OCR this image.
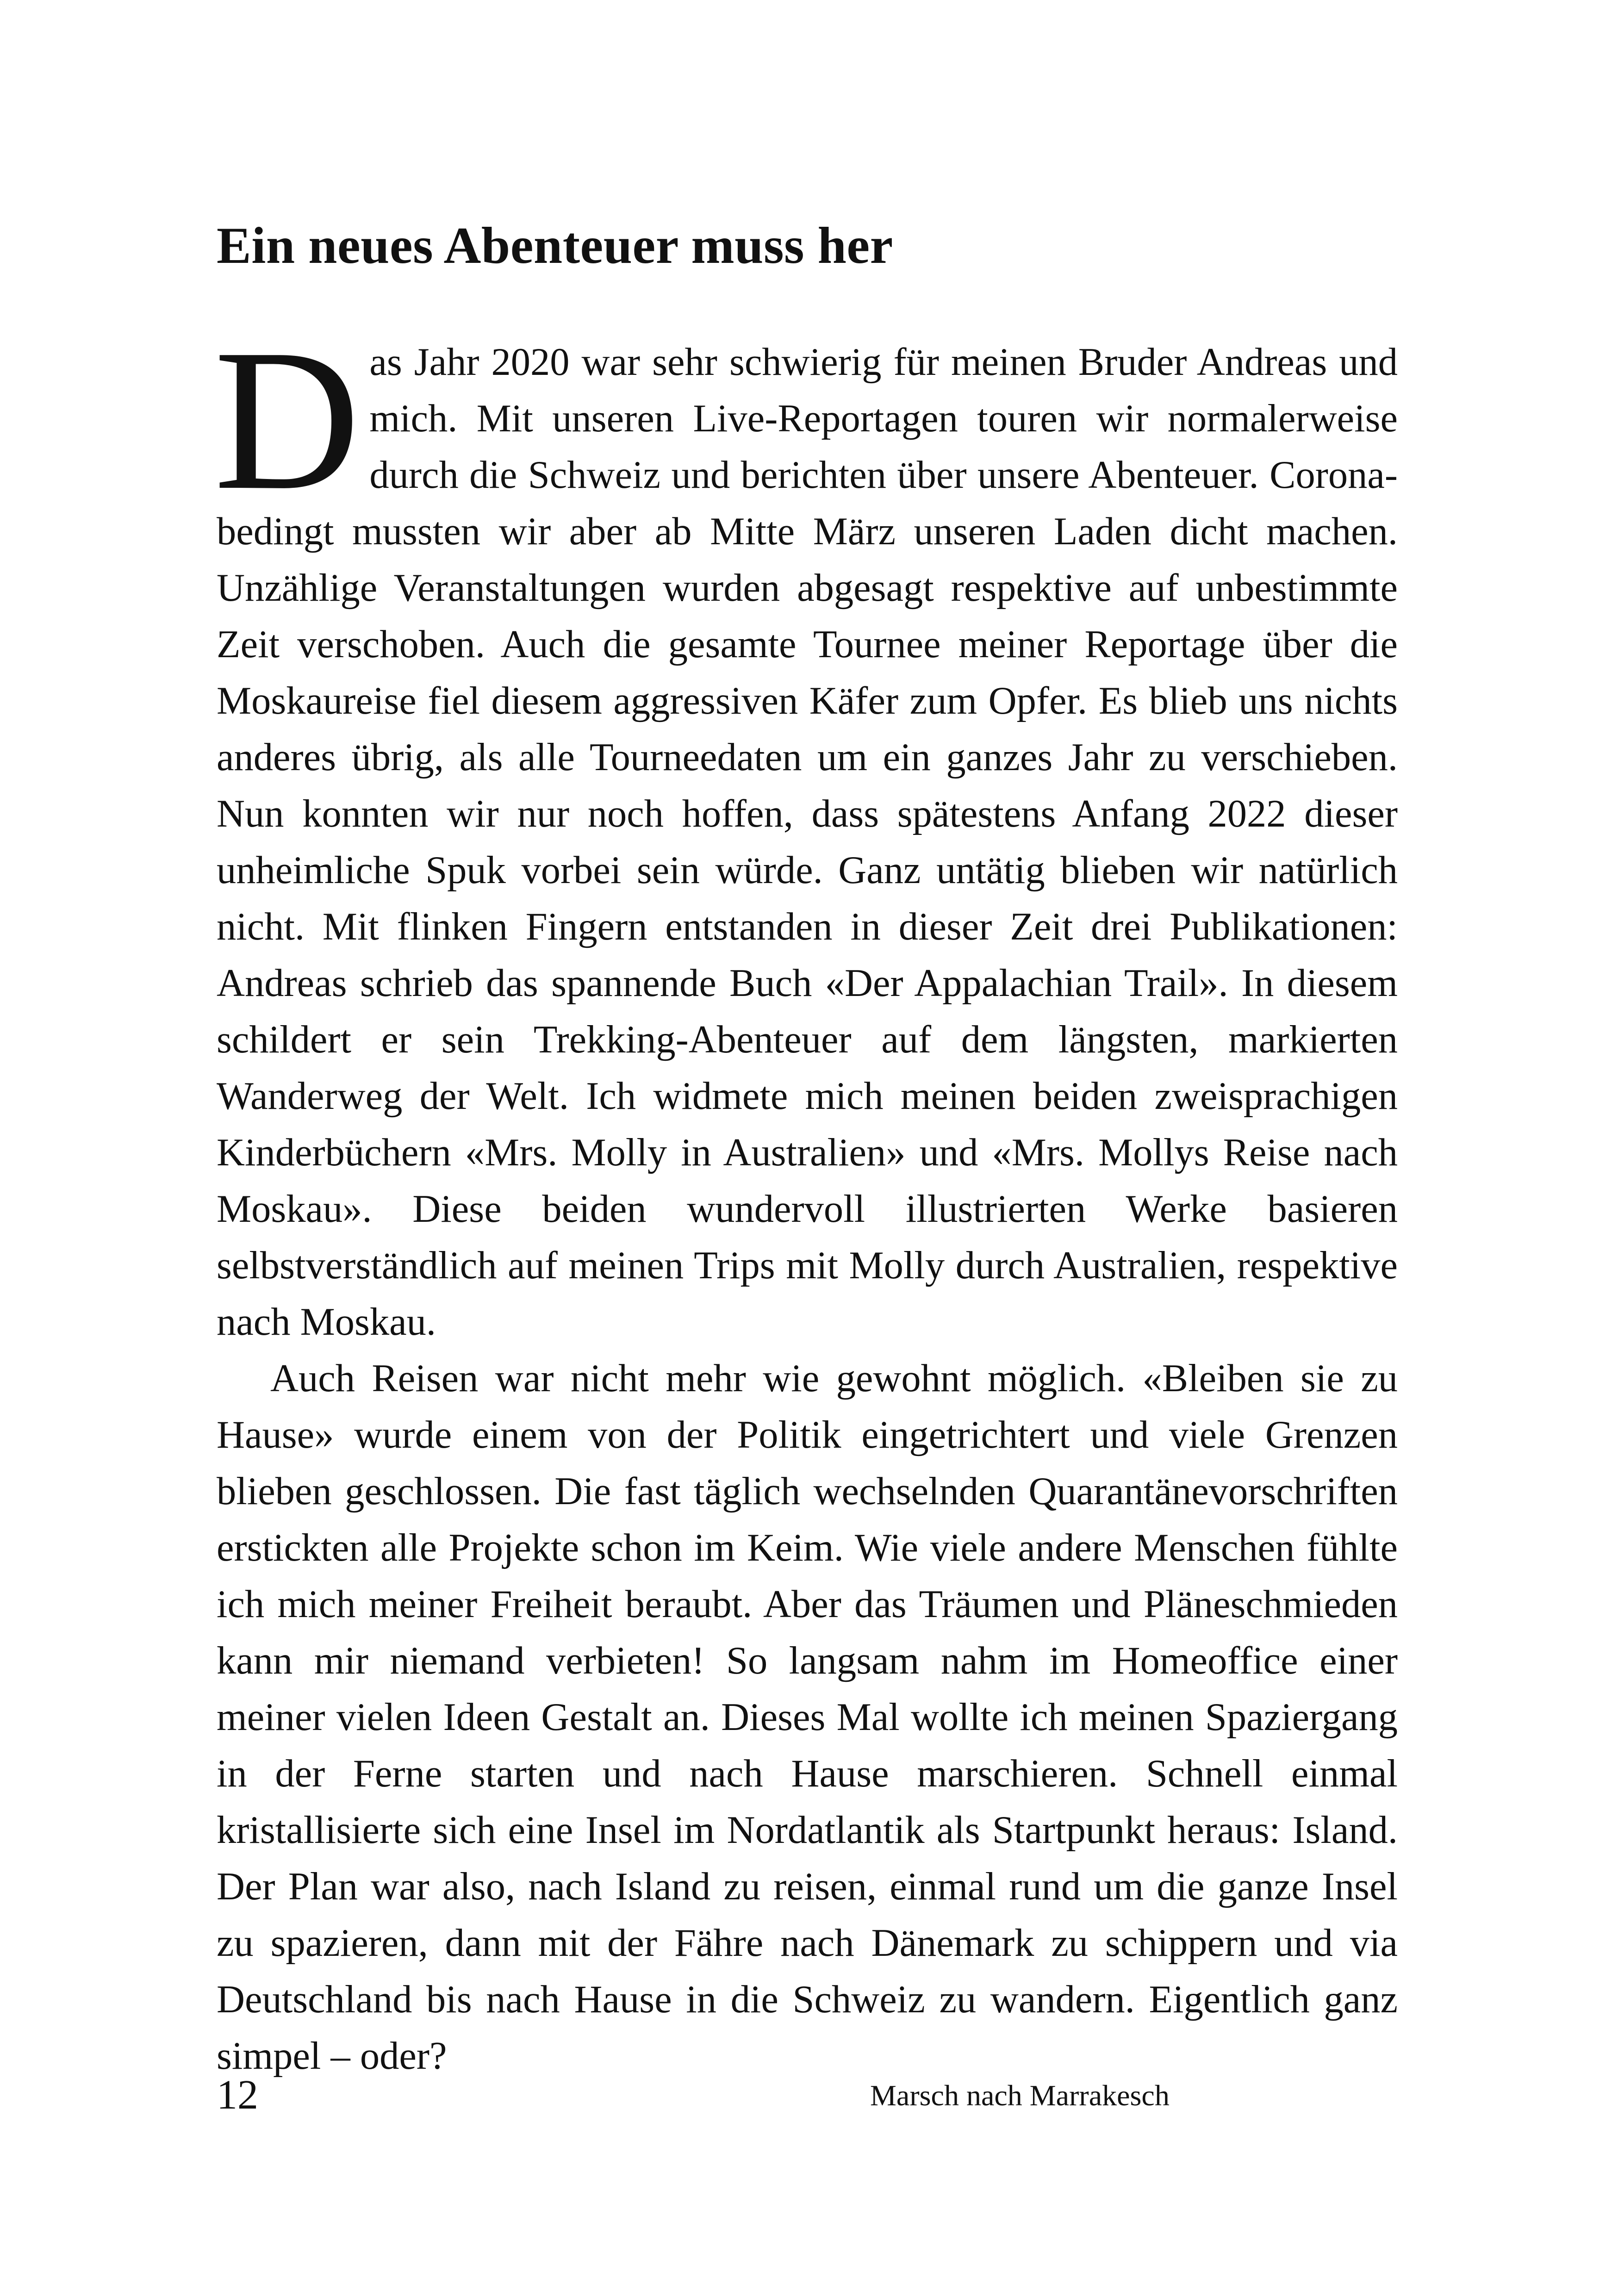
Ein neues Abenteuer muss her

Das Jahr 2020 war sehr schwierig für meinen Bruder Andreas und mich. Mit unseren Live-Reportagen touren wir normalerweise durch die Schweiz und berichten über unsere Abenteuer. Corona-bedingt mussten wir aber ab Mitte März unseren Laden dicht machen. Unzählige Veranstaltungen wurden abgesagt respektive auf unbestimmte Zeit verschoben. Auch die gesamte Tournee meiner Reportage über die Moskaureise fiel diesem aggressiven Käfer zum Opfer. Es blieb uns nichts anderes übrig, als alle Tourneedaten um ein ganzes Jahr zu verschieben. Nun konnten wir nur noch hoffen, dass spätestens Anfang 2022 dieser unheimliche Spuk vorbei sein würde. Ganz untätig blieben wir natürlich nicht. Mit flinken Fingern entstanden in dieser Zeit drei Publikationen: Andreas schrieb das spannende Buch «Der Appalachian Trail». In diesem schildert er sein Trekking-Abenteuer auf dem längsten, markierten Wanderweg der Welt. Ich widmete mich meinen beiden zweisprachigen Kinderbüchern «Mrs. Molly in Australien» und «Mrs. Mollys Reise nach Moskau». Diese beiden wundervoll illustrierten Werke basieren selbstverständlich auf meinen Trips mit Molly durch Australien, respektive nach Moskau.

Auch Reisen war nicht mehr wie gewohnt möglich. «Bleiben sie zu Hause» wurde einem von der Politik eingetrichtert und viele Grenzen blieben geschlossen. Die fast täglich wechselnden Quarantänevorschriften erstickten alle Projekte schon im Keim. Wie viele andere Menschen fühlte ich mich meiner Freiheit beraubt. Aber das Träumen und Pläneschmieden kann mir niemand verbieten! So langsam nahm im Homeoffice einer meiner vielen Ideen Gestalt an. Dieses Mal wollte ich meinen Spaziergang in der Ferne starten und nach Hause marschieren. Schnell einmal kristallisierte sich eine Insel im Nordatlantik als Startpunkt heraus: Island. Der Plan war also, nach Island zu reisen, einmal rund um die ganze Insel zu spazieren, dann mit der Fähre nach Dänemark zu schippern und via Deutschland bis nach Hause in die Schweiz zu wandern. Eigentlich ganz simpel – oder?

12	Marsch nach Marrakesch
